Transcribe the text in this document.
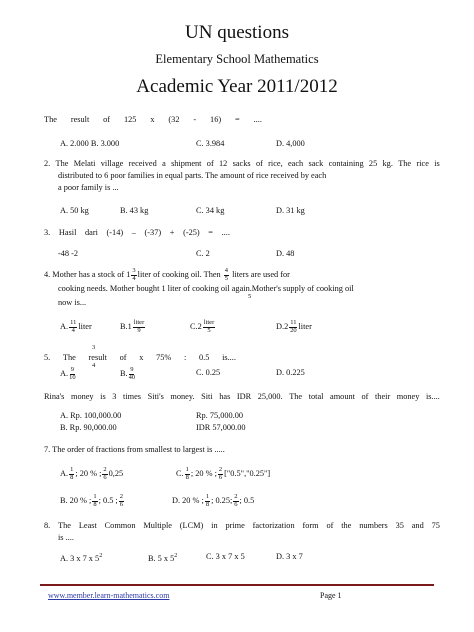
UN questions
Elementary School Mathematics
Academic Year 2011/2012
The result of 125 x (32 - 16) = ....
A. 2.000 B. 3.000	C. 3.984	D. 4,000
2. The Melati village received a shipment of 12 sacks of rice, each sack containing 25 kg. The rice is
distributed to 6 poor families in equal parts. The amount of rice received by each
a poor family is ...
A. 50 kg	B. 43 kg	C. 34 kg	D. 31 kg
3. Hasil dari (-14) – (-37) + (-25) = ....
-48 -2	C. 2	D. 48
4. Mother has a stock of $1 \frac{3}{4}$ liter of cooking oil. Then $\frac{4}{5}$ liters are used for
cooking needs. Mother bought 1 liter of cooking oil again.Mother's supply of cooking oil
5
now is...
A. $\frac{11}{4}$ liter	$B.1 \frac{\text{liter}}{9}$	$C.2 \frac{\text{liter}}{5}$	$D.2 \frac{11}{20}$ liter
3
5. The result of x 75% : 0.5 is....
4
A. $\frac{9}{10}$	B. $\frac{9}{40}$	C. 0.25	D. 0.225
Rina's money is 3 times Siti's money. Siti has IDR 25,000. The total amount of their money is....
A. Rp. 100,000.00	Rp. 75,000.00
B. Rp. 90,000.00	IDR 57,000.00
7. The order of fractions from smallest to largest is .....
A. $\frac{1}{8}$ ; 20 % ; $\frac{2}{6} 0,25$	C. $\frac{1}{8}$ ; 20 % ; $\frac{2}{6}$ ["0.5","0.25"]
B. 20 % ; $\frac{1}{8}$ ; 0.5 ; $\frac{2}{6}$	D. 20 % ; $\frac{1}{8}$ ; 0.25; $\frac{2}{6}$ ; 0.5
8. The Least Common Multiple (LCM) in prime factorization form of the numbers 35 and 75
is ....
A. 3 x 7 x $5^2$	B. 5 x $5^2$	C. 3 x 7 x 5	D. 3 x 7
www.member.learn-mathematics.com	Page 1
